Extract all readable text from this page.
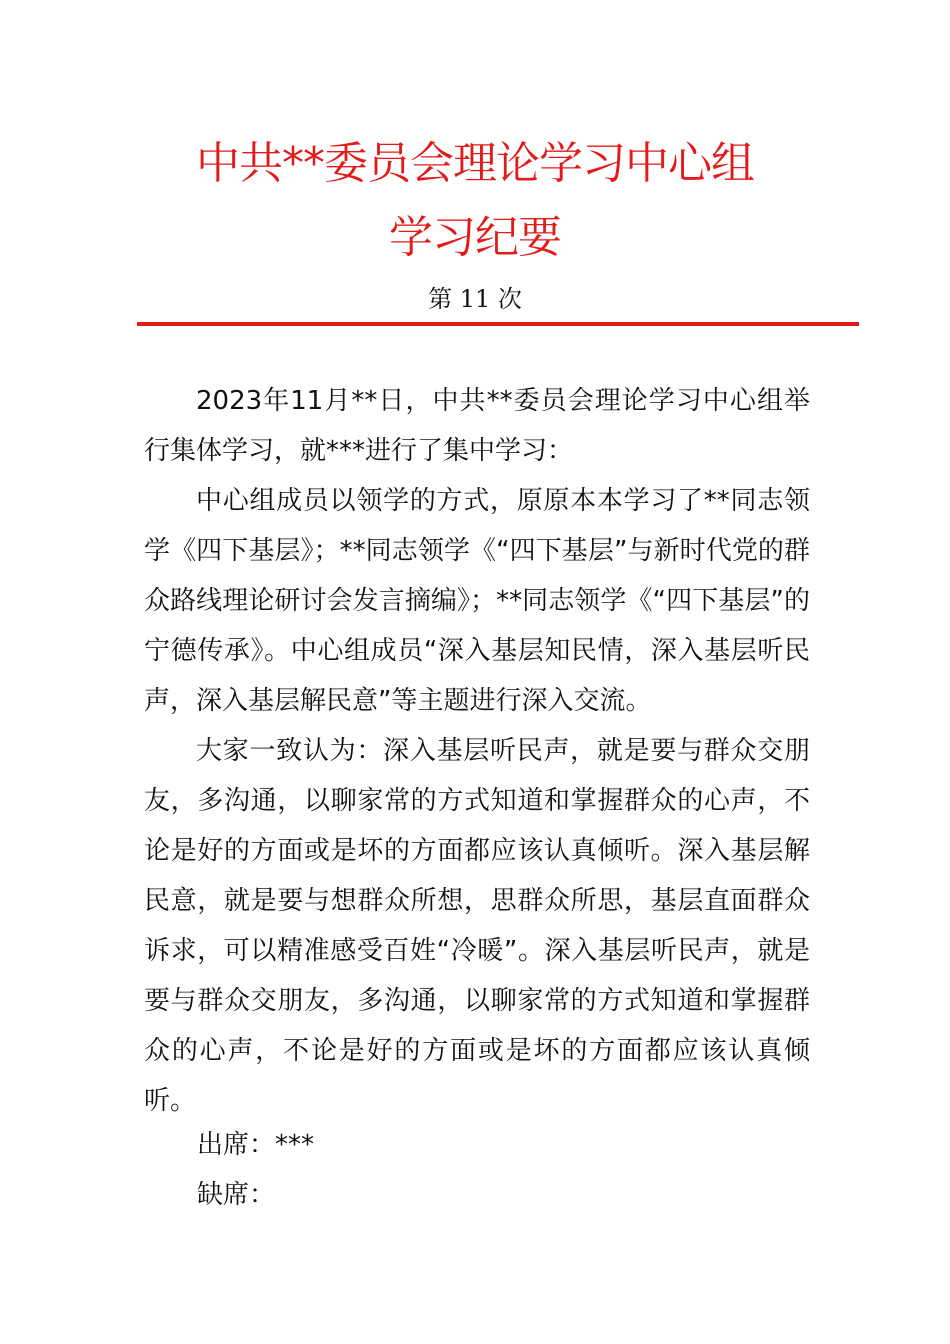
中共**委员会理论学习中心组
学习纪要
第 11 次

2023年11月**日，中共**委员会理论学习中心组举行集体学习，就***进行了集中学习：

中心组成员以领学的方式，原原本本学习了**同志领学《四下基层》；**同志领学《“四下基层”与新时代党的群众路线理论研讨会发言摘编》；**同志领学《“四下基层”的宁德传承》。中心组成员“深入基层知民情，深入基层听民声，深入基层解民意”等主题进行深入交流。

大家一致认为：深入基层听民声，就是要与群众交朋友，多沟通，以聊家常的方式知道和掌握群众的心声，不论是好的方面或是坏的方面都应该认真倾听。深入基层解民意，就是要与想群众所想，思群众所思，基层直面群众诉求，可以精准感受百姓“冷暖”。深入基层听民声，就是要与群众交朋友，多沟通，以聊家常的方式知道和掌握群众的心声，不论是好的方面或是坏的方面都应该认真倾听。

出席：***
缺席：
